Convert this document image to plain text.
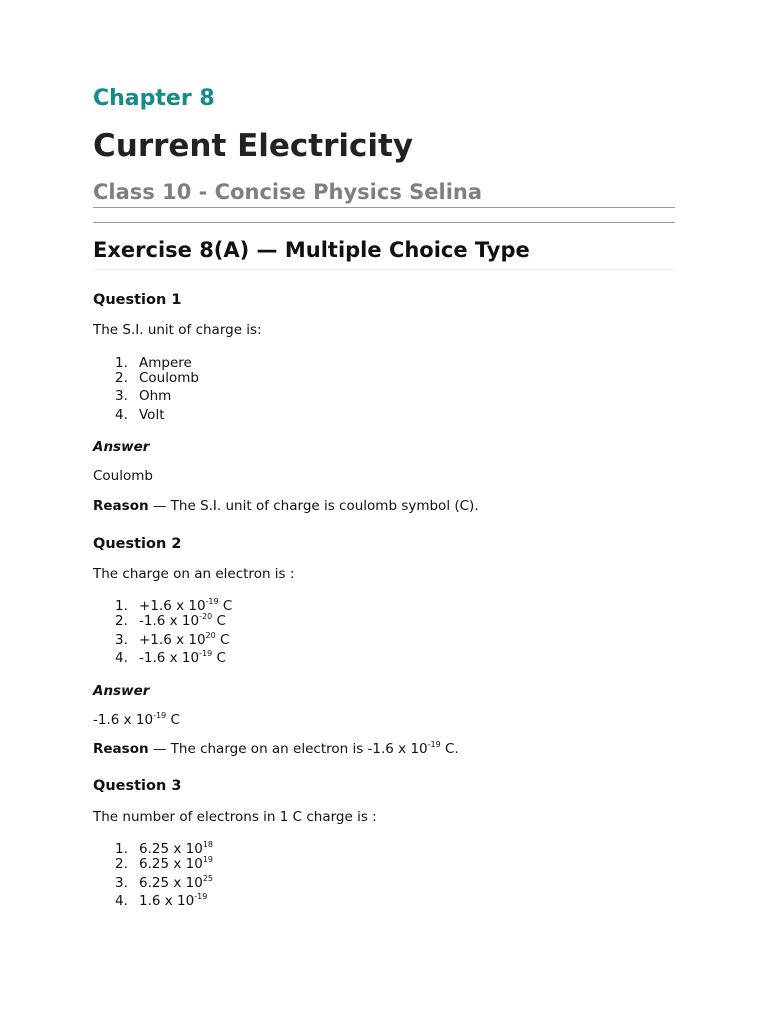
Chapter 8
Current Electricity
Class 10 - Concise Physics Selina
Exercise 8(A) — Multiple Choice Type
Question 1
The S.I. unit of charge is:
1. Ampere
2. Coulomb
3. Ohm
4. Volt
Answer
Coulomb
Reason — The S.I. unit of charge is coulomb symbol (C).
Question 2
The charge on an electron is :
1. +1.6 x $10^{-19}$ C
2. -1.6 x $10^{-20}$ C
3. +1.6 x $10^{20}$ C
4. -1.6 x $10^{-19}$ C
Answer
-1.6 x $10^{-19}$ C
Reason — The charge on an electron is -1.6 x $10^{-19}$ C.
Question 3
The number of electrons in 1 C charge is :
1. 6.25 x $10^{18}$
2. 6.25 x $10^{19}$
3. 6.25 x $10^{25}$
4. 1.6 x $10^{-19}$
